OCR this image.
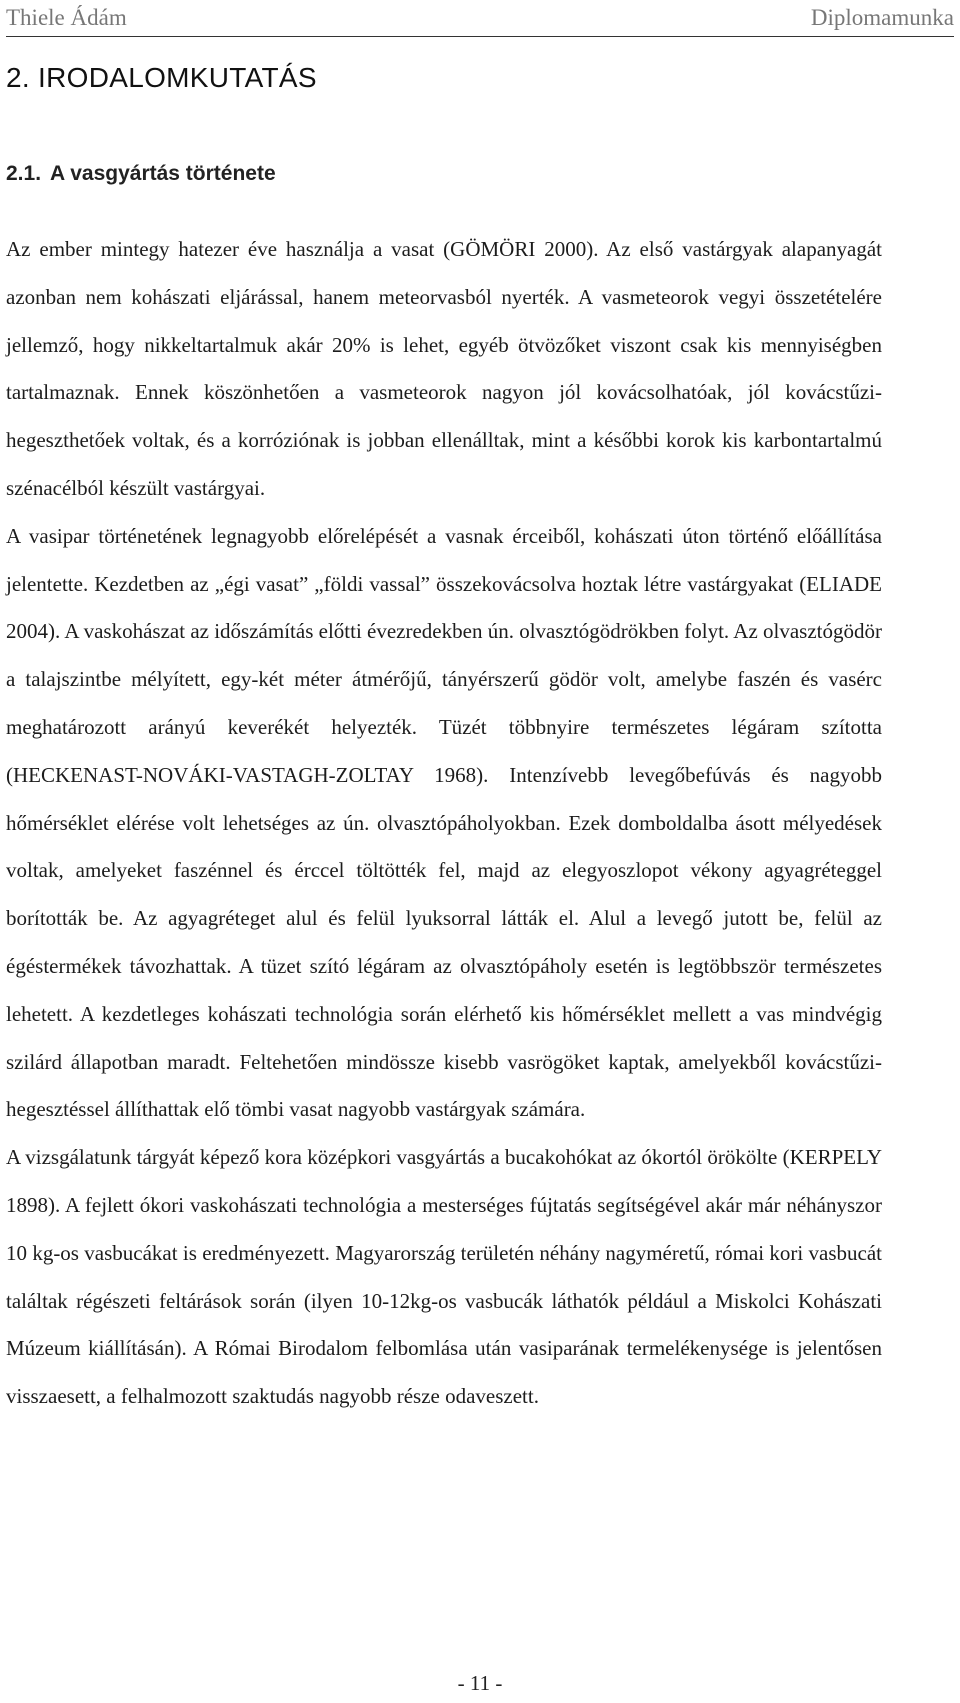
Thiele Ádám	Diplomamunka
2. IRODALOMKUTATÁS
2.1. A vasgyártás története

Az ember mintegy hatezer éve használja a vasat (GÖMÖRI 2000). Az első vastárgyak alapanyagát azonban nem kohászati eljárással, hanem meteorvasból nyerték. A vasmeteorok vegyi összetételére jellemző, hogy nikkeltartalmuk akár 20% is lehet, egyéb ötvözőket viszont csak kis mennyiségben tartalmaznak. Ennek köszönhetően a vasmeteorok nagyon jól kovácsolhatóak, jól kovácstűzi-hegeszthetőek voltak, és a korróziónak is jobban ellenálltak, mint a későbbi korok kis karbontartalmú szénacélból készült vastárgyai.

A vasipar történetének legnagyobb előrelépését a vasnak érceiből, kohászati úton történő előállítása jelentette. Kezdetben az „égi vasat” „földi vassal” összekovácsolva hoztak létre vastárgyakat (ELIADE 2004). A vaskohászat az időszámítás előtti évezredekben ún. olvasztógödrökben folyt. Az olvasztógödör a talajszintbe mélyített, egy-két méter átmérőjű, tányérszerű gödör volt, amelybe faszén és vasérc meghatározott arányú keverékét helyezték. Tüzét többnyire természetes légáram szította (HECKENAST-NOVÁKI-VASTAGH-ZOLTAY 1968). Intenzívebb levegőbefúvás és nagyobb hőmérséklet elérése volt lehetséges az ún. olvasztópáholyokban. Ezek domboldalba ásott mélyedések voltak, amelyeket faszénnel és érccel töltötték fel, majd az elegyoszlopot vékony agyagréteggel borították be. Az agyagréteget alul és felül lyuksorral látták el. Alul a levegő jutott be, felül az égéstermékek távozhattak. A tüzet szító légáram az olvasztópáholy esetén is legtöbbször természetes lehetett. A kezdetleges kohászati technológia során elérhető kis hőmérséklet mellett a vas mindvégig szilárd állapotban maradt. Feltehetően mindössze kisebb vasrögöket kaptak, amelyekből kovácstűzi-hegesztéssel állíthattak elő tömbi vasat nagyobb vastárgyak számára.

A vizsgálatunk tárgyát képező kora középkori vasgyártás a bucakohókat az ókortól örökölte (KERPELY 1898). A fejlett ókori vaskohászati technológia a mesterséges fújtatás segítségével akár már néhányszor 10 kg-os vasbucákat is eredményezett. Magyarország területén néhány nagyméretű, római kori vasbucát találtak régészeti feltárások során (ilyen 10-12kg-os vasbucák láthatók például a Miskolci Kohászati Múzeum kiállításán). A Római Birodalom felbomlása után vasiparának termelékenysége is jelentősen visszaesett, a felhalmozott szaktudás nagyobb része odaveszett.

- 11 -
